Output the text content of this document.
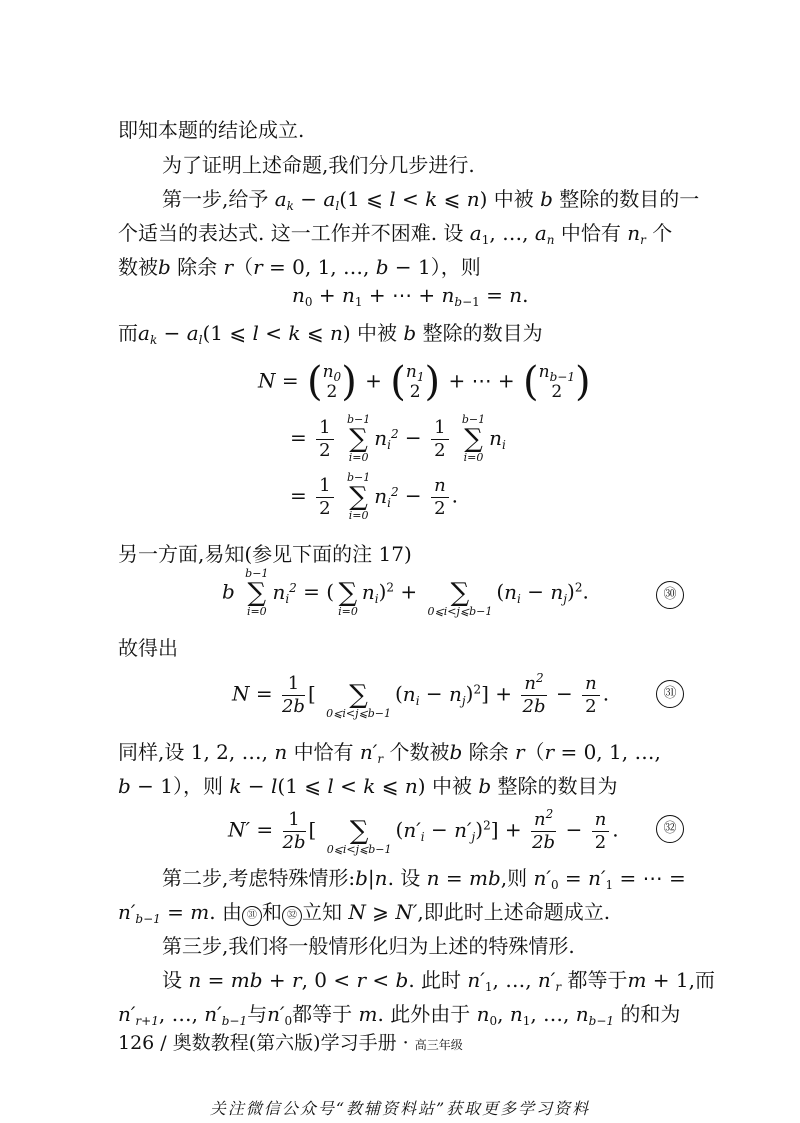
即知本题的结论成立.
为了证明上述命题,我们分几步进行.
第一步,给予 $a_k - a_l(1$ ⩽ l < k ⩽ n) 中被 b 整除的数目的一
个适当的表达式. 这一工作并不困难. 设 $a_1$, …, $a_n$ 中恰有 $n_r$ 个
数被b 除余 r（r = 0, 1, …, b − 1），则
$n_0 + n_1$ + ⋯ + $n_{b-1} = n$.
而$a_k - a_l(1$ ⩽ l < k ⩽ n) 中被 b 整除的数目为
N = ( $n_0$
2 ) + ( $n_1$
2 ) + ⋯ + ( $n_{b-1}$
2 )
= $\frac{1}{2}$
b−1
∑
i=0
$n_i^2 - \frac{1}{2}$
b−1
∑
i=0
$n_i$
= $\frac{1}{2}$
b−1
∑
i=0
$n_i^2 - \frac{n}{2}$ .
另一方面,易知(参见下面的注 17)
b
b−1
∑
i=0
$n_i^2$ = (
∑
i=0
$n_i)^2$ +
	∑
0⩽i<j⩽b−1
$(n_i - n_j)^2$.	㉚
故得出
$N = \frac{1}{2b}$ [
	∑
0⩽i<j⩽b−1
$(n_i - n_j)^2] + \frac{n^2}{2b} - \frac{n}{2}$ .	㉛
同样,设 1, 2, …, n 中恰有 $n'_r$ 个数被b 除余 r（r = 0, 1, …,
b − 1），则 k − l(1 ⩽ l < k ⩽ n) 中被 b 整除的数目为
$N' = \frac{1}{2b}$ [
	∑
0⩽i<j⩽b−1
$(n'_i - n'_j)^2] + \frac{n^2}{2b} - \frac{n}{2}$ .	㉜
第二步,考虑特殊情形:b|n. 设 n = mb,则 $n'_0 = n'_1$ = ⋯ =
$n'_{b-1} = m$. 由 ㉛ 和 ㉜ 立知 N ⩾ N′,即此时上述命题成立.
第三步,我们将一般情形化归为上述的特殊情形.
设 n = mb + r, 0 < r < b. 此时 $n'_1$, …, $n'_r$ 都等于m + 1,而
$n'_{r+1}$, …, $n'_{b-1}$与$n'_0$都等于 m. 此外由于 $n_0$, $n_1$, …, $n_{b-1}$ 的和为
126 / 奥数教程(第六版)学习手册 · 高三年级
关注微信公众号“教辅资料站”获取更多学习资料
